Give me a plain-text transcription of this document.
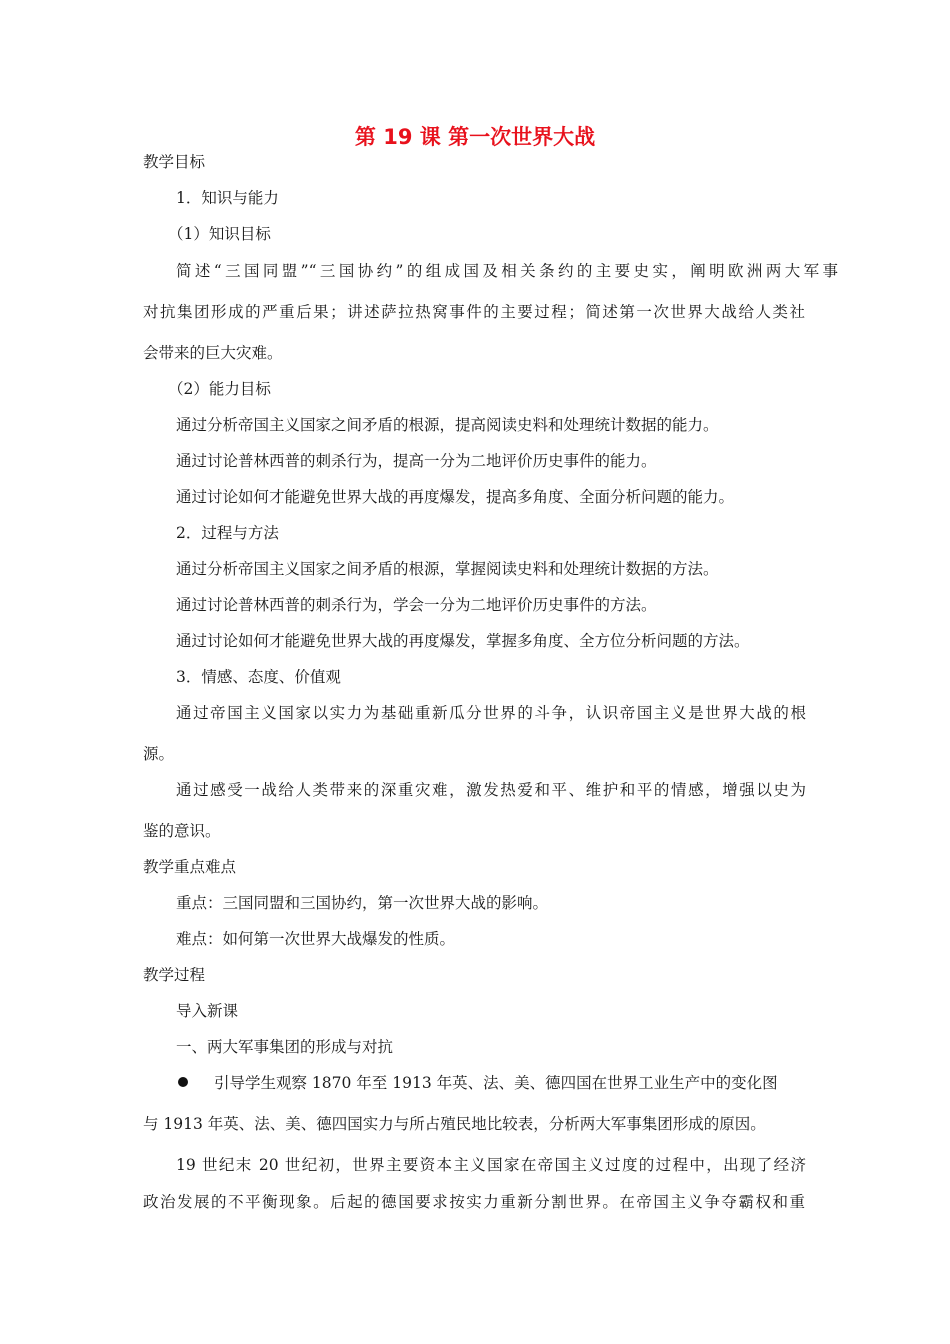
第 19 课 第一次世界大战

教学目标

1．知识与能力

（1）知识目标

简述“三国同盟”“三国协约”的组成国及相关条约的主要史实，阐明欧洲两大军事

对抗集团形成的严重后果；讲述萨拉热窝事件的主要过程；简述第一次世界大战给人类社

会带来的巨大灾难。

（2）能力目标

通过分析帝国主义国家之间矛盾的根源，提高阅读史料和处理统计数据的能力。

通过讨论普林西普的刺杀行为，提高一分为二地评价历史事件的能力。

通过讨论如何才能避免世界大战的再度爆发，提高多角度、全面分析问题的能力。

2．过程与方法

通过分析帝国主义国家之间矛盾的根源，掌握阅读史料和处理统计数据的方法。

通过讨论普林西普的刺杀行为，学会一分为二地评价历史事件的方法。

通过讨论如何才能避免世界大战的再度爆发，掌握多角度、全方位分析问题的方法。

3．情感、态度、价值观

通过帝国主义国家以实力为基础重新瓜分世界的斗争，认识帝国主义是世界大战的根

源。

通过感受一战给人类带来的深重灾难，激发热爱和平、维护和平的情感，增强以史为

鉴的意识。

教学重点难点

重点：三国同盟和三国协约，第一次世界大战的影响。

难点：如何第一次世界大战爆发的性质。

教学过程

导入新课

一、两大军事集团的形成与对抗

引导学生观察 1870 年至 1913 年英、法、美、德四国在世界工业生产中的变化图

与 1913 年英、法、美、德四国实力与所占殖民地比较表，分析两大军事集团形成的原因。

19 世纪末 20 世纪初，世界主要资本主义国家在帝国主义过度的过程中，出现了经济

政治发展的不平衡现象。后起的德国要求按实力重新分割世界。在帝国主义争夺霸权和重
